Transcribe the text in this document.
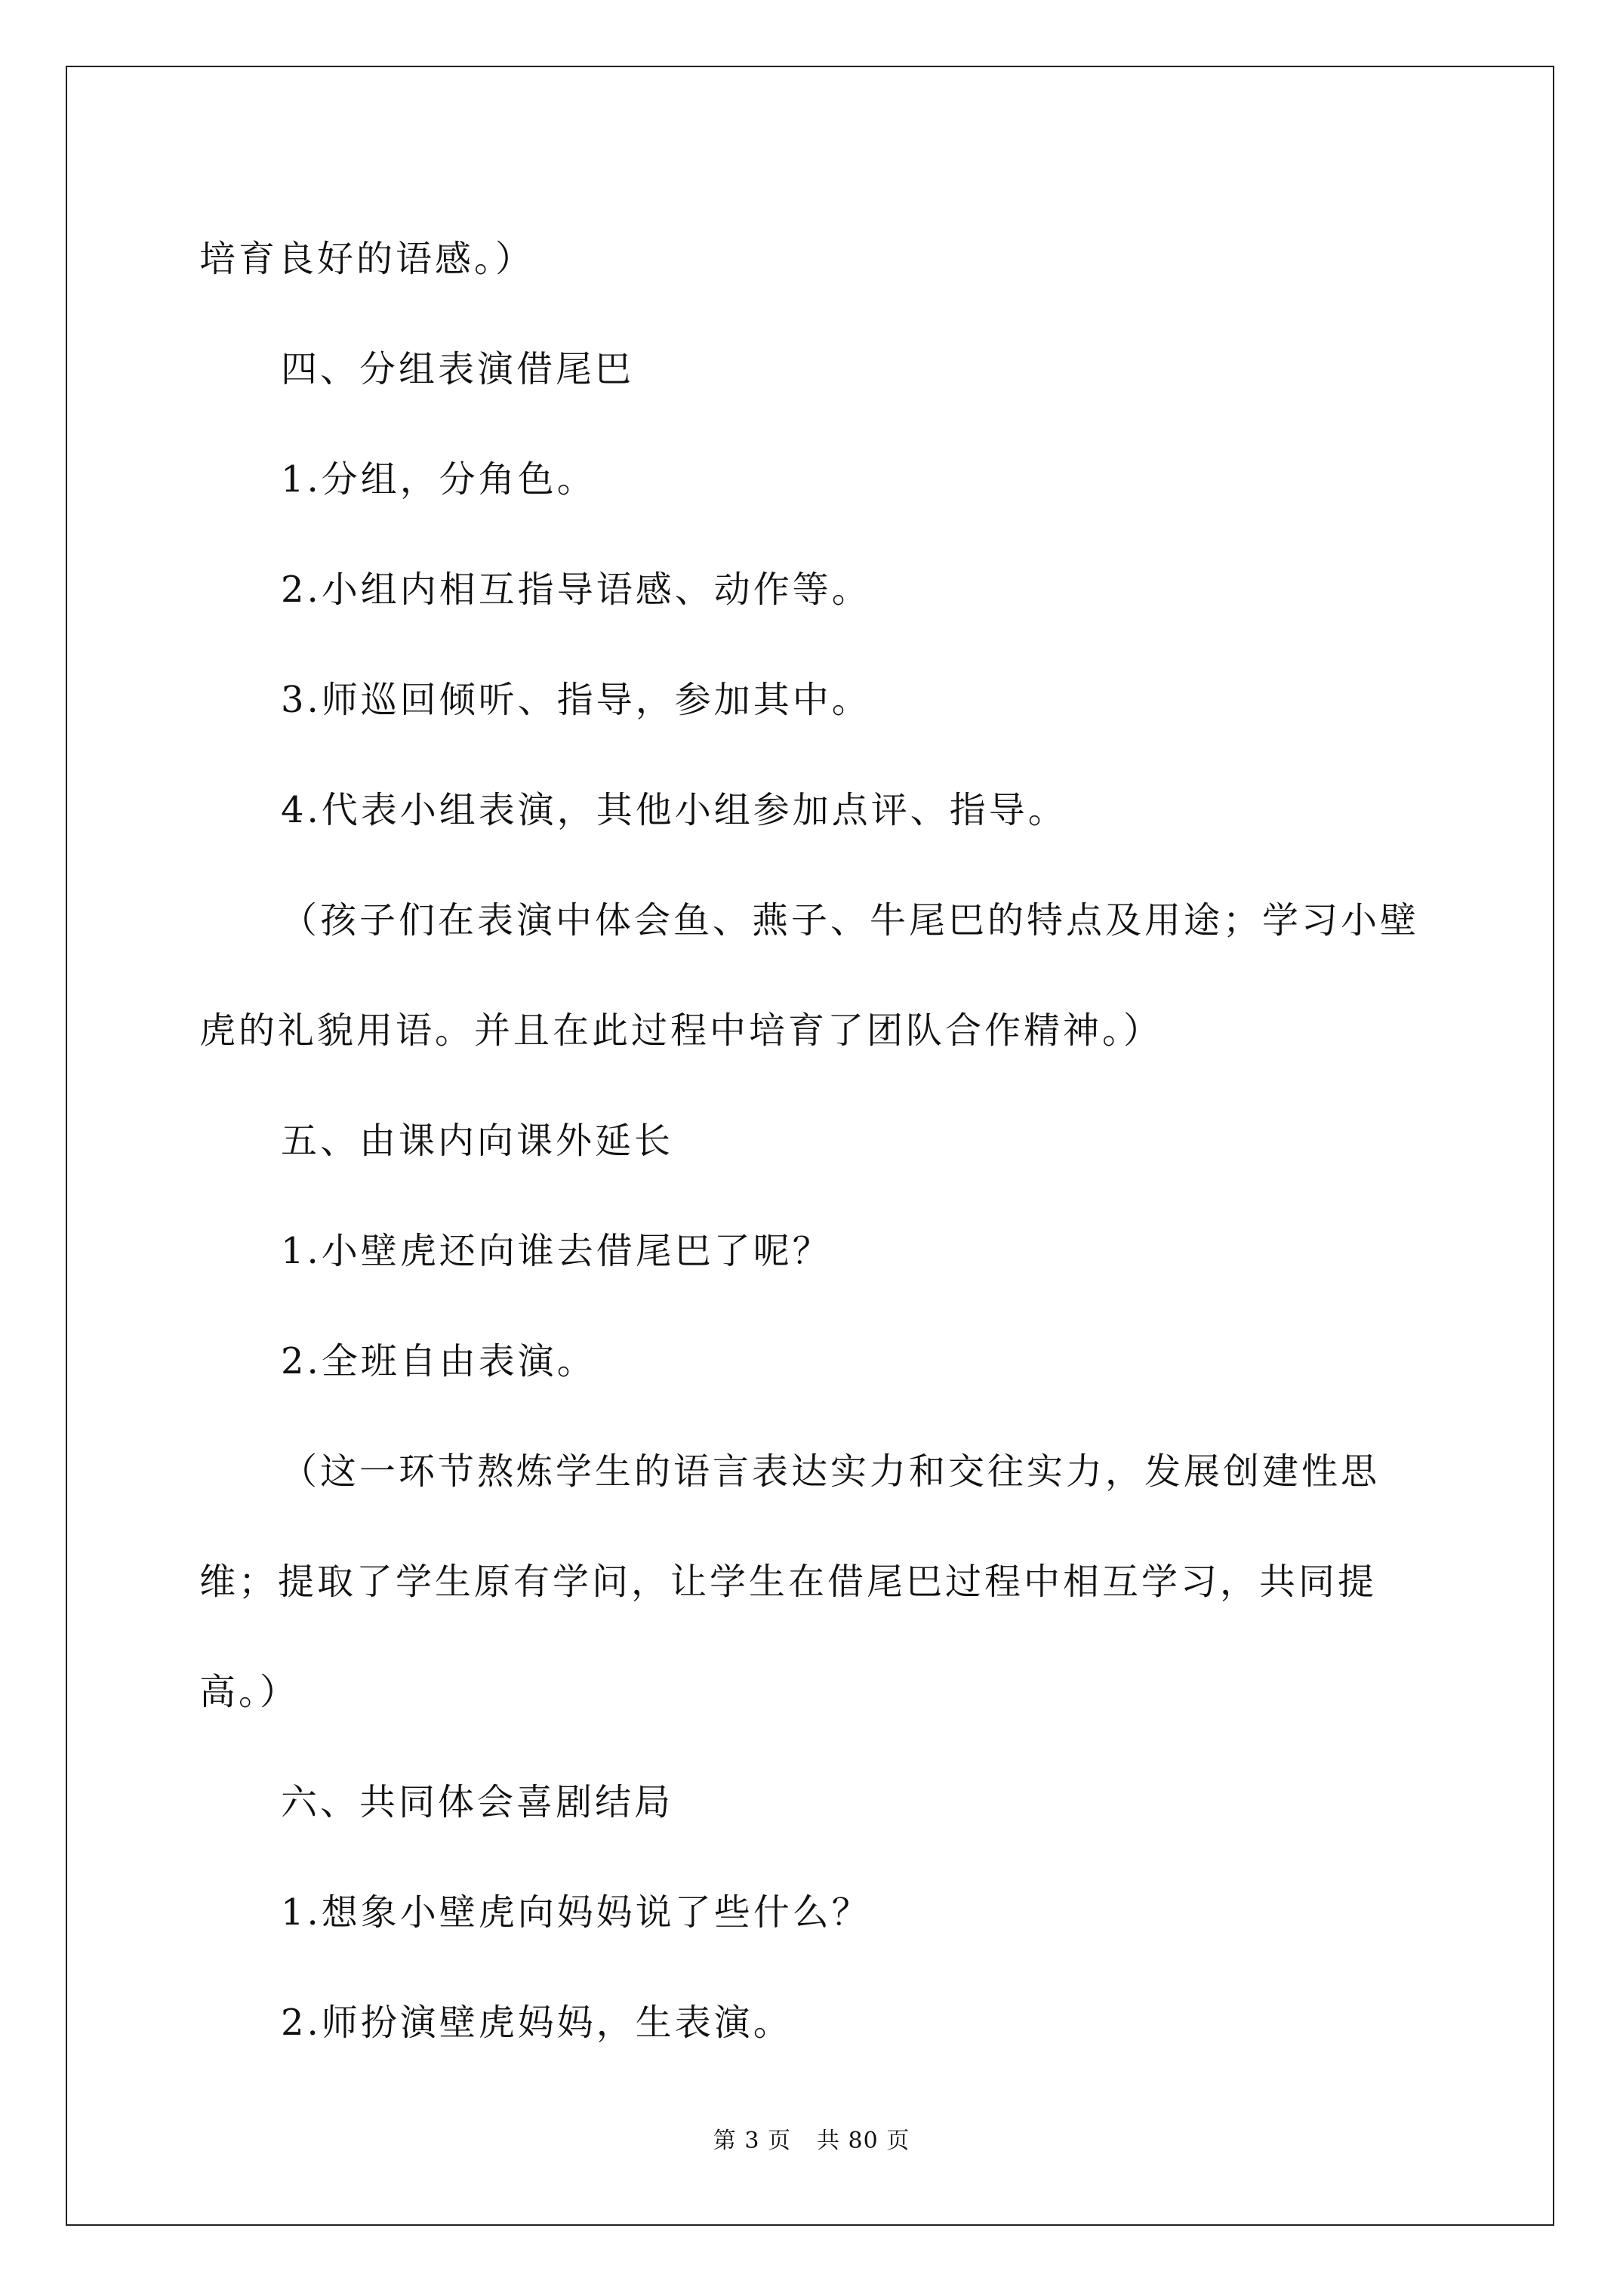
培育良好的语感。）

四、分组表演借尾巴

1.分组，分角色。

2.小组内相互指导语感、动作等。

3.师巡回倾听、指导，参加其中。

4.代表小组表演，其他小组参加点评、指导。

（孩子们在表演中体会鱼、燕子、牛尾巴的特点及用途；学习小壁虎的礼貌用语。并且在此过程中培育了团队合作精神。）

五、由课内向课外延长

1.小壁虎还向谁去借尾巴了呢？

2.全班自由表演。

（这一环节熬炼学生的语言表达实力和交往实力，发展创建性思维；提取了学生原有学问，让学生在借尾巴过程中相互学习，共同提高。）

六、共同体会喜剧结局

1.想象小壁虎向妈妈说了些什么？

2.师扮演壁虎妈妈，生表演。

第 3 页 共 80 页
